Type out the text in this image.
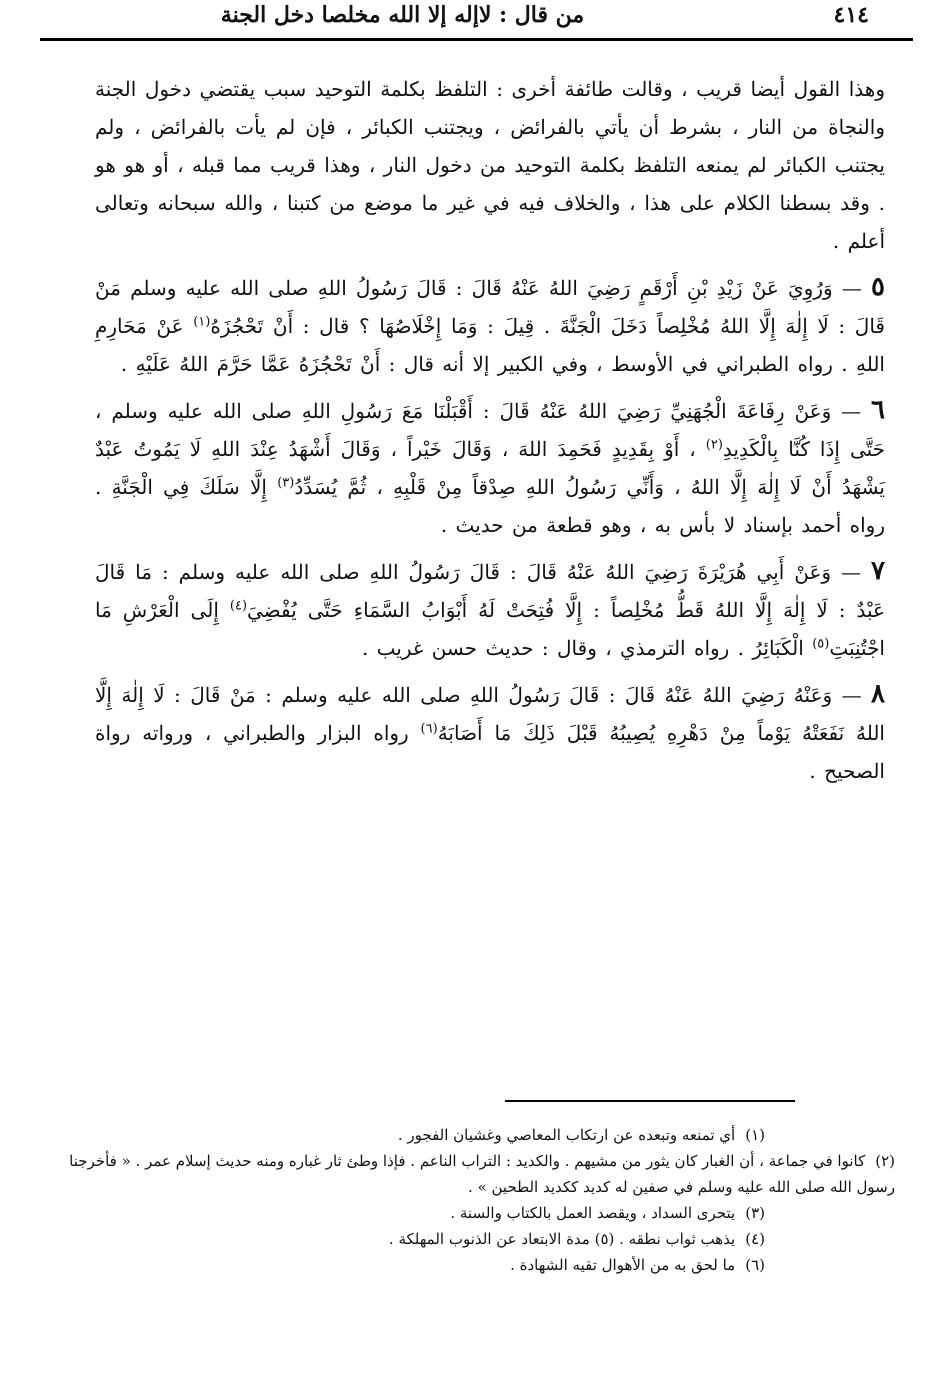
من قال : لاإله إلا الله مخلصا دخل الجنة	٤١٤

وهذا القول أيضا قريب ، وقالت طائفة أخرى : التلفظ بكلمة التوحيد سبب يقتضي دخول الجنة والنجاة من النار ، بشرط أن يأتي بالفرائض ، ويجتنب الكبائر ، فإن لم يأت بالفرائض ، ولم يجتنب الكبائر لم يمنعه التلفظ بكلمة التوحيد من دخول النار ، وهذا قريب مما قبله ، أو هو هو . وقد بسطنا الكلام على هذا ، والخلاف فيه في غير ما موضع من كتبنا ، والله سبحانه وتعالى أعلم .

٥ — وَرُوِيَ عَنْ زَيْدِ بْنِ أَرْقَمٍ رَضِيَ اللهُ عَنْهُ قَالَ : قَالَ رَسُولُ اللهِ صلى الله عليه وسلم مَنْ قَالَ : لَا إِلٰهَ إِلَّا اللهُ مُخْلِصاً دَخَلَ الْجَنَّةَ . قِيلَ : وَمَا إِخْلَاصُهَا ؟ قال : أَنْ تَحْجُزَهُ$^{(١)}$ عَنْ مَحَارِمِ اللهِ . رواه الطبراني في الأوسط ، وفي الكبير إلا أنه قال : أَنْ تَحْجُزَهُ عَمَّا حَرَّمَ اللهُ عَلَيْهِ .

٦ — وَعَنْ رِفَاعَةَ الْجُهَنِيِّ رَضِيَ اللهُ عَنْهُ قَالَ : أَقْبَلْنَا مَعَ رَسُولِ اللهِ صلى الله عليه وسلم ، حَتَّى إِذَا كُنَّا بِالْكَدِيدِ$^{(٢)}$ ، أَوْ بِقَدِيدٍ فَحَمِدَ اللهَ ، وَقَالَ خَيْراً ، وَقَالَ أَشْهَدُ عِنْدَ اللهِ لَا يَمُوتُ عَبْدٌ يَشْهَدُ أَنْ لَا إِلٰهَ إِلَّا اللهُ ، وَأَنِّي رَسُولُ اللهِ صِدْقاً مِنْ قَلْبِهِ ، ثُمَّ يُسَدِّدُ$^{(٣)}$ إِلَّا سَلَكَ فِي الْجَنَّةِ . رواه أحمد بإسناد لا بأس به ، وهو قطعة من حديث .

٧ — وَعَنْ أَبِي هُرَيْرَةَ رَضِيَ اللهُ عَنْهُ قَالَ : قَالَ رَسُولُ اللهِ صلى الله عليه وسلم : مَا قَالَ عَبْدٌ : لَا إِلٰهَ إِلَّا اللهُ قَطُّ مُخْلِصاً : إِلَّا فُتِحَتْ لَهُ أَبْوَابُ السَّمَاءِ حَتَّى يُفْضِيَ$^{(٤)}$ إِلَى الْعَرْشِ مَا اجْتُنِبَتِ$^{(٥)}$ الْكَبَائِرُ . رواه الترمذي ، وقال : حديث حسن غريب .

٨ — وَعَنْهُ رَضِيَ اللهُ عَنْهُ قَالَ : قَالَ رَسُولُ اللهِ صلى الله عليه وسلم : مَنْ قَالَ : لَا إِلٰهَ إِلَّا اللهُ نَفَعَتْهُ يَوْماً مِنْ دَهْرِهِ يُصِيبُهُ قَبْلَ ذَلِكَ مَا أَصَابَهُ$^{(٦)}$ رواه البزار والطبراني ، ورواته رواة الصحيح .

(١)أي تمنعه وتبعده عن ارتكاب المعاصي وغشيان الفجور .

(٢)كانوا في جماعة ، أن الغبار كان يثور من مشيهم . والكديد : التراب الناعم . فإذا وطئ ثار غباره ومنه حديث إسلام عمر . « فأخرجنا رسول الله صلى الله عليه وسلم في صفين له كديد ككديد الطحين » .

(٣)يتحرى السداد ، ويقصد العمل بالكتاب والسنة .

(٤)يذهب ثواب نطقه . (٥) مدة الابتعاد عن الذنوب المهلكة .

(٦)ما لحق به من الأهوال تقيه الشهادة .
